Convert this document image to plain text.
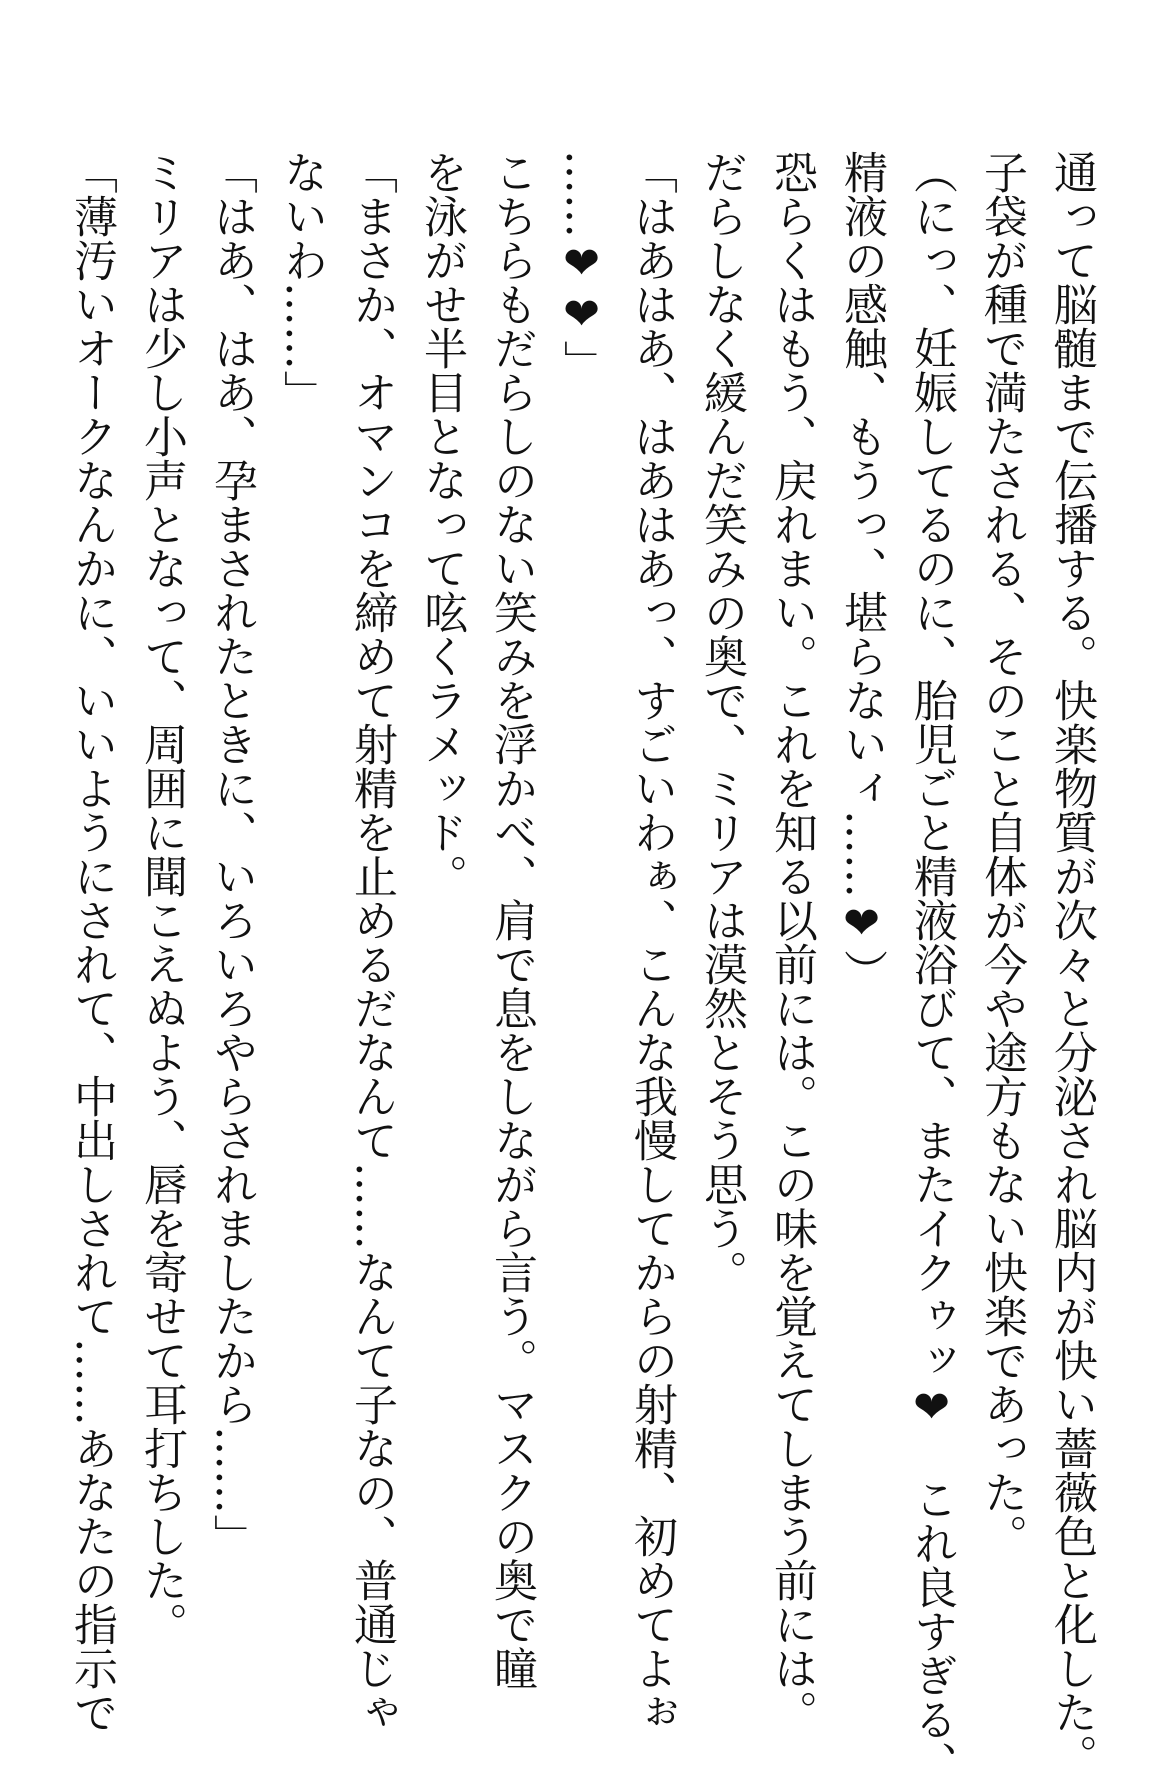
通って脳髄まで伝播する。快楽物質が次々と分泌され脳内が快い薔薇色と化した。
子袋が種で満たされる、そのこと自体が今や途方もない快楽であった。
（にっ、妊娠してるのに、胎児ごと精液浴びて、またイクゥッ❤　これ良すぎる、
精液の感触、もうっ、堪らないィ……❤）
恐らくはもう、戻れまい。これを知る以前には。この味を覚えてしまう前には。
だらしなく緩んだ笑みの奥で、ミリアは漠然とそう思う。
「はあはあ、はあはあっ、すごいわぁ、こんな我慢してからの射精、初めてよぉ
……❤❤」
こちらもだらしのない笑みを浮かべ、肩で息をしながら言う。マスクの奥で瞳
を泳がせ半目となって呟くラメッド。
「まさか、オマンコを締めて射精を止めるだなんて……なんて子なの、普通じゃ
ないわ……」
「はあ、はあ、孕まされたときに、いろいろやらされましたから……」
ミリアは少し小声となって、周囲に聞こえぬよう、唇を寄せて耳打ちした。
「薄汚いオークなんかに、いいようにされて、中出しされて……あなたの指示で
